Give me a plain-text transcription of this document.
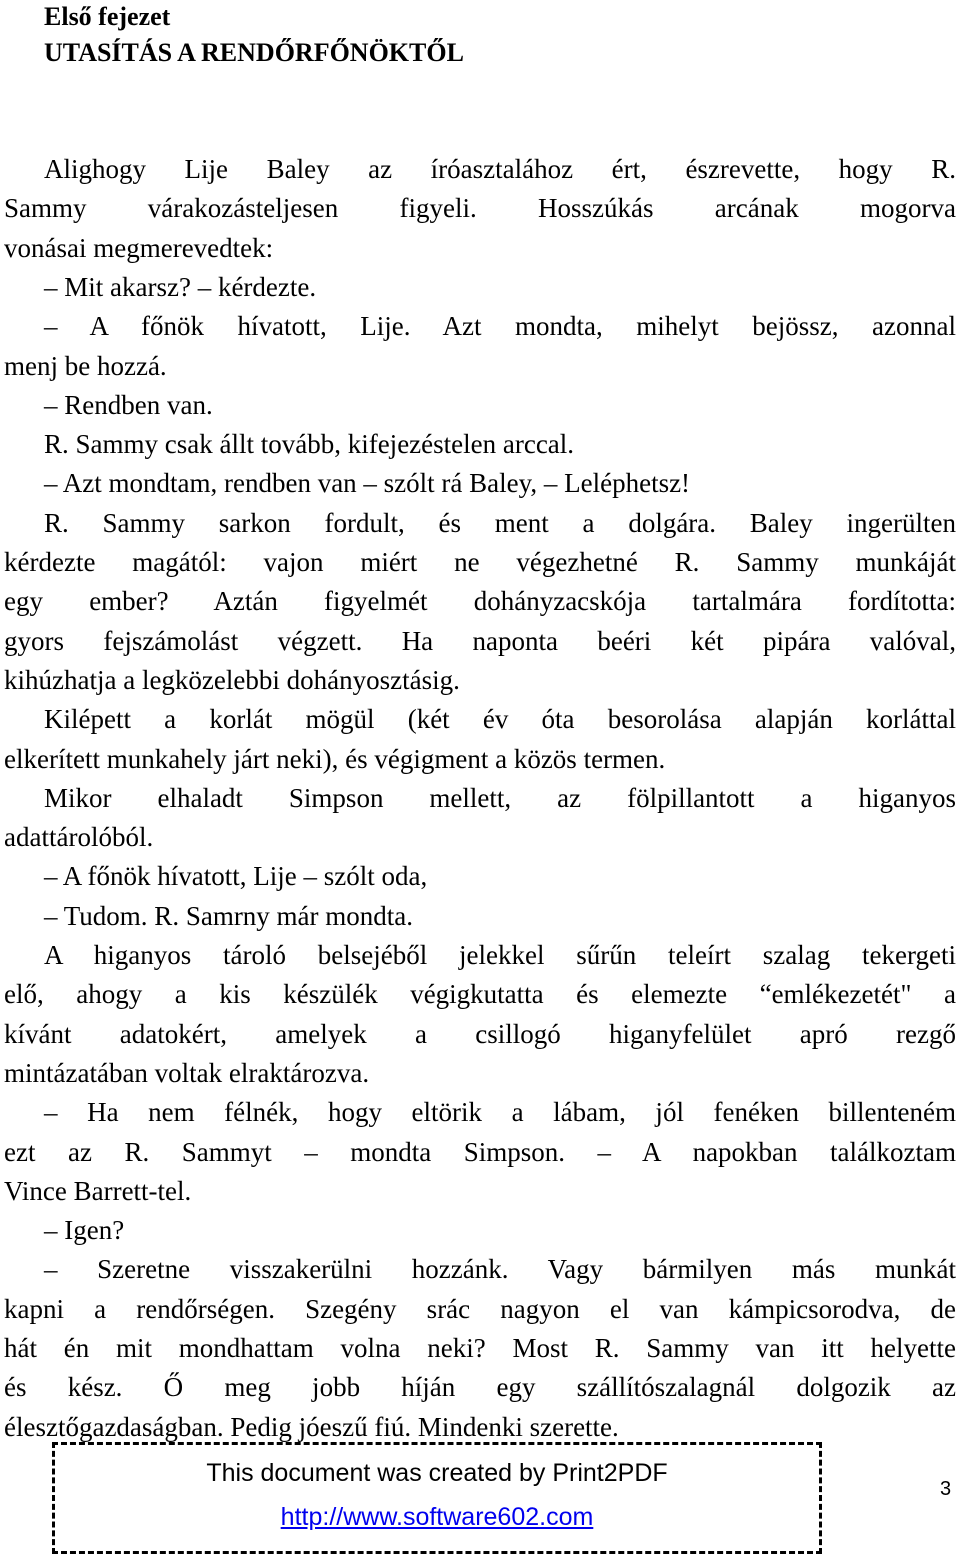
Első fejezet
UTASÍTÁS A RENDŐRFŐNÖKTŐL
Alighogy Lije Baley az íróasztalához ért, észrevette, hogy R.
Sammy várakozásteljesen figyeli. Hosszúkás arcának mogorva
vonásai megmerevedtek:
– Mit akarsz? – kérdezte.
– A főnök hívatott, Lije. Azt mondta, mihelyt bejössz, azonnal
menj be hozzá.
– Rendben van.
R. Sammy csak állt tovább, kifejezéstelen arccal.
– Azt mondtam, rendben van – szólt rá Baley, – Leléphetsz!
R. Sammy sarkon fordult, és ment a dolgára. Baley ingerülten
kérdezte magától: vajon miért ne végezhetné R. Sammy munkáját
egy ember? Aztán figyelmét dohányzacskója tartalmára fordította:
gyors fejszámolást végzett. Ha naponta beéri két pipára valóval,
kihúzhatja a legközelebbi dohányosztásig.
Kilépett a korlát mögül (két év óta besorolása alapján korláttal
elkerített munkahely járt neki), és végigment a közös termen.
Mikor elhaladt Simpson mellett, az fölpillantott a higanyos
adattárolóból.
– A főnök hívatott, Lije – szólt oda,
– Tudom. R. Samrny már mondta.
A higanyos tároló belsejéből jelekkel sűrűn teleírt szalag tekergeti
elő, ahogy a kis készülék végigkutatta és elemezte “emlékezetét" a
kívánt adatokért, amelyek a csillogó higanyfelület apró rezgő
mintázatában voltak elraktározva.
– Ha nem félnék, hogy eltörik a lábam, jól fenéken billenteném
ezt az R. Sammyt – mondta Simpson. – A napokban találkoztam
Vince Barrett-tel.
– Igen?
– Szeretne visszakerülni hozzánk. Vagy bármilyen más munkát
kapni a rendőrségen. Szegény srác nagyon el van kámpicsorodva, de
hát én mit mondhattam volna neki? Most R. Sammy van itt helyette
és kész. Ő meg jobb híján egy szállítószalagnál dolgozik az
élesztőgazdaságban. Pedig jóeszű fiú. Mindenki szerette.
This document was created by Print2PDF
http://www.software602.com
3
